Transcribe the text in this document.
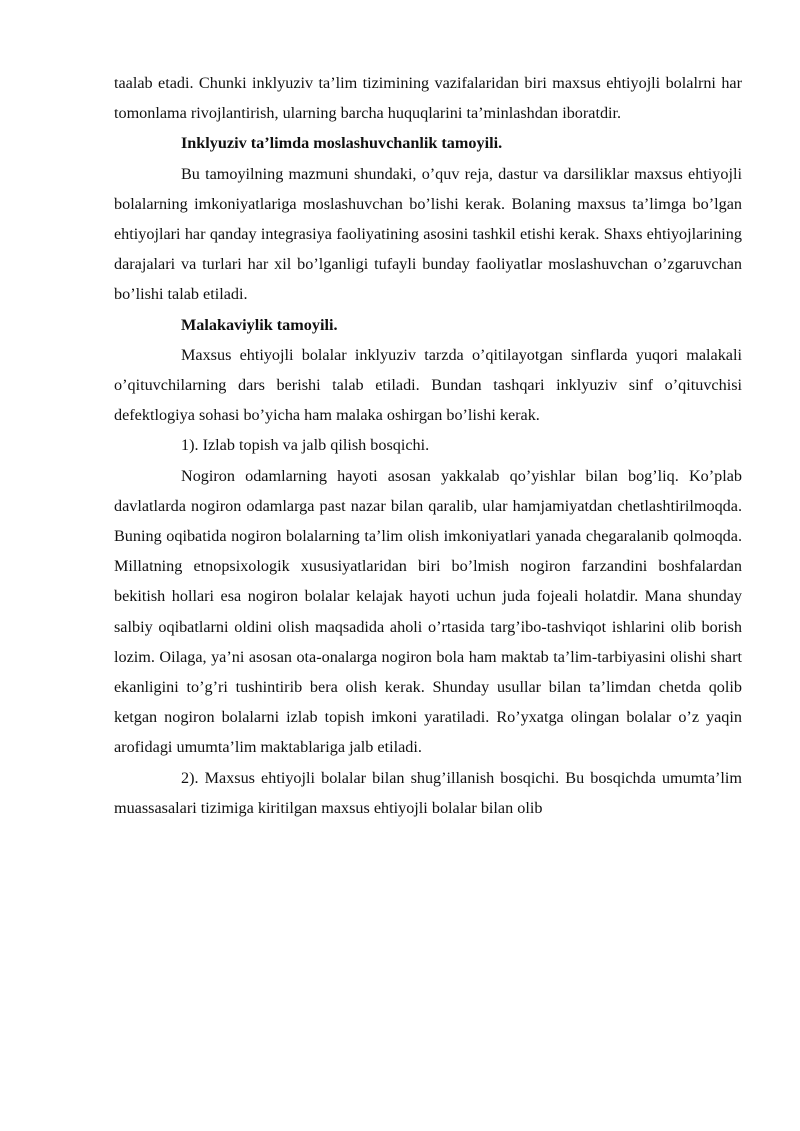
taalab etadi. Chunki inklyuziv ta’lim tizimining vazifalaridan biri maxsus ehtiyojli bolalrni har tomonlama rivojlantirish, ularning barcha huquqlarini ta’minlashdan iboratdir.

Inklyuziv ta’limda moslashuvchanlik tamoyili.

Bu tamoyilning mazmuni shundaki, o’quv reja, dastur va darsiliklar maxsus ehtiyojli bolalarning imkoniyatlariga moslashuvchan bo’lishi kerak. Bolaning maxsus ta’limga bo’lgan ehtiyojlari har qanday integrasiya faoliyatining asosini tashkil etishi kerak. Shaxs ehtiyojlarining darajalari va turlari har xil bo’lganligi tufayli bunday faoliyatlar moslashuvchan o’zgaruvchan bo’lishi talab etiladi.

Malakaviylik tamoyili.

Maxsus ehtiyojli bolalar inklyuziv tarzda o’qitilayotgan sinflarda yuqori malakali o’qituvchilarning dars berishi talab etiladi. Bundan tashqari inklyuziv sinf o’qituvchisi defektlogiya sohasi bo’yicha ham malaka oshirgan bo’lishi kerak.

1). Izlab topish va jalb qilish bosqichi.

Nogiron odamlarning hayoti asosan yakkalab qo’yishlar bilan bog’liq. Ko’plab davlatlarda nogiron odamlarga past nazar bilan qaralib, ular hamjamiyatdan chetlashtirilmoqda. Buning oqibatida nogiron bolalarning ta’lim olish imkoniyatlari yanada chegaralanib qolmoqda. Millatning etnopsixologik xususiyatlaridan biri bo’lmish nogiron farzandini boshfalardan bekitish hollari esa nogiron bolalar kelajak hayoti uchun juda fojeali holatdir. Mana shunday salbiy oqibatlarni oldini olish maqsadida aholi o’rtasida targ’ibo-tashviqot ishlarini olib borish lozim. Oilaga, ya’ni asosan ota-onalarga nogiron bola ham maktab ta’lim-tarbiyasini olishi shart ekanligini to’g’ri tushintirib bera olish kerak. Shunday usullar bilan ta’limdan chetda qolib ketgan nogiron bolalarni izlab topish imkoni yaratiladi. Ro’yxatga olingan bolalar o’z yaqin arofidagi umumta’lim maktablariga jalb etiladi.

2). Maxsus ehtiyojli bolalar bilan shug’illanish bosqichi. Bu bosqichda umumta’lim muassasalari tizimiga kiritilgan maxsus ehtiyojli bolalar bilan olib
